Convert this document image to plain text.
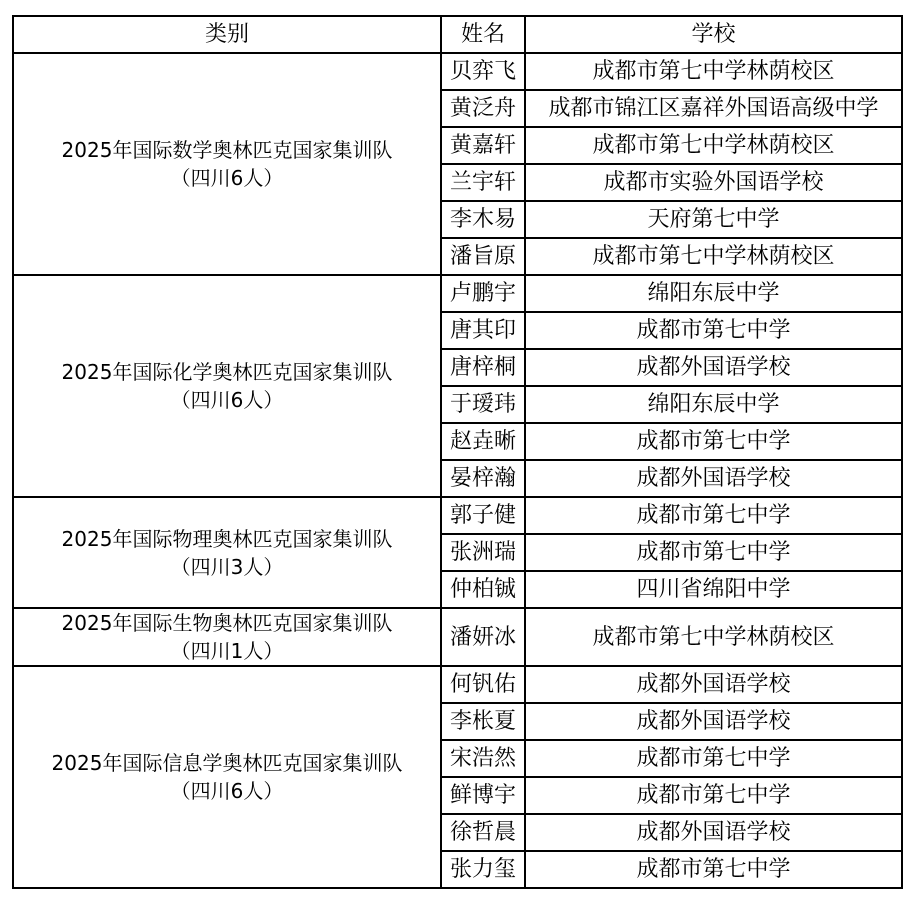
类别	姓名	学校

2025年国际数学奥林匹克国家集训队
（四川6人）	贝弈飞	成都市第七中学林荫校区
	黄泛舟	成都市锦江区嘉祥外国语高级中学
	黄嘉轩	成都市第七中学林荫校区
	兰宇轩	成都市实验外国语学校
	李木易	天府第七中学
	潘旨原	成都市第七中学林荫校区

2025年国际化学奥林匹克国家集训队
（四川6人）	卢鹏宇	绵阳东辰中学
	唐其印	成都市第七中学
	唐梓桐	成都外国语学校
	于瑷玮	绵阳东辰中学
	赵垚晰	成都市第七中学
	晏梓瀚	成都外国语学校

2025年国际物理奥林匹克国家集训队
（四川3人）	郭子健	成都市第七中学
	张洲瑞	成都市第七中学
	仲柏铖	四川省绵阳中学

2025年国际生物奥林匹克国家集训队
（四川1人）	潘妍冰	成都市第七中学林荫校区

2025年国际信息学奥林匹克国家集训队
（四川6人）	何钒佑	成都外国语学校
	李枨夏	成都外国语学校
	宋浩然	成都市第七中学
	鲜博宇	成都市第七中学
	徐哲晨	成都外国语学校
	张力玺	成都市第七中学
